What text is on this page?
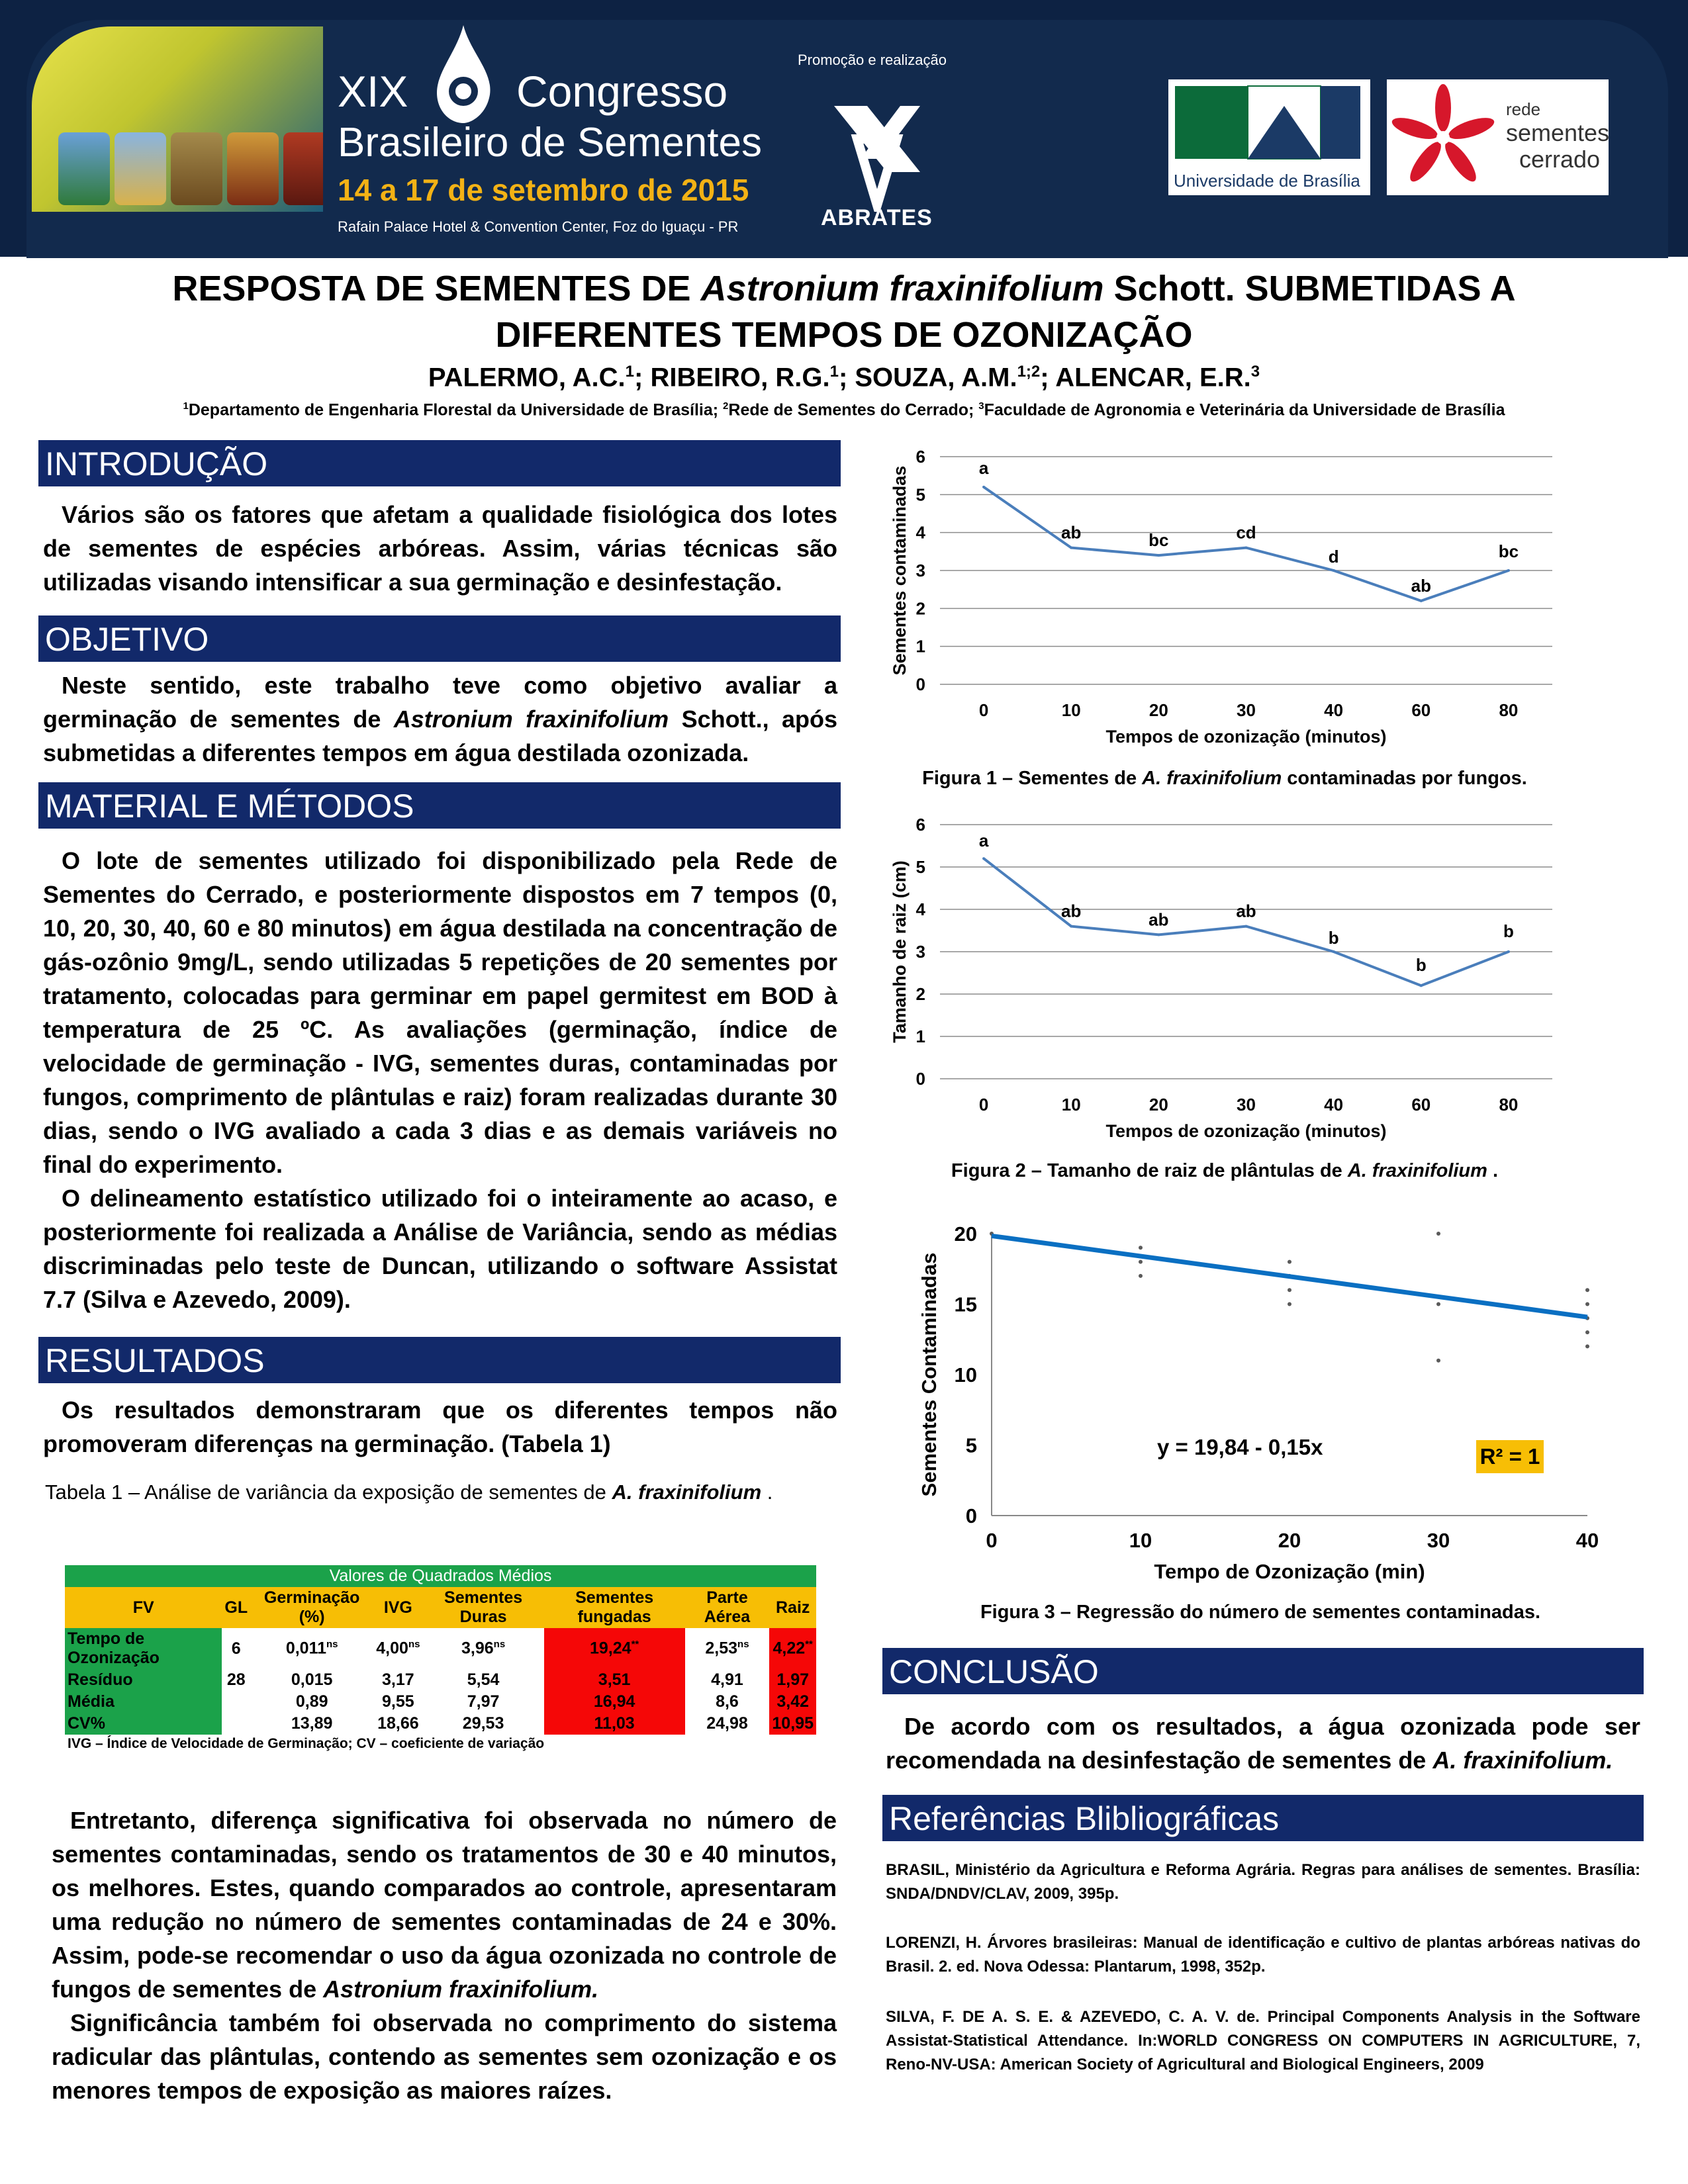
XIX Congresso
Brasileiro de Sementes
14 a 17 de setembro de 2015
Rafain Palace Hotel & Convention Center, Foz do Iguaçu - PR
Promoção e realização
ABRATES
Universidade de Brasília
rede
sementes
cerrado
RESPOSTA DE SEMENTES DE Astronium fraxinifolium Schott. SUBMETIDAS A
DIFERENTES TEMPOS DE OZONIZAÇÃO
PALERMO, A.C.$^1$; RIBEIRO, R.G.$^1$; SOUZA, A.M.$^{1;2}$; ALENCAR, E.R.$^3$
$^1$Departamento de Engenharia Florestal da Universidade de Brasília; $^2$Rede de Sementes do Cerrado; $^3$Faculdade de Agronomia e Veterinária da Universidade de Brasília
INTRODUÇÃO

Vários são os fatores que afetam a qualidade fisiológica dos lotes de sementes de espécies arbóreas. Assim, várias técnicas são utilizadas visando intensificar a sua germinação e desinfestação.

OBJETIVO

Neste sentido, este trabalho teve como objetivo avaliar a germinação de sementes de Astronium fraxinifolium Schott., após submetidas a diferentes tempos em água destilada ozonizada.

MATERIAL E MÉTODOS

O lote de sementes utilizado foi disponibilizado pela Rede de Sementes do Cerrado, e posteriormente dispostos em 7 tempos (0, 10, 20, 30, 40, 60 e 80 minutos) em água destilada na concentração de gás-ozônio 9mg/L, sendo utilizadas 5 repetições de 20 sementes por tratamento, colocadas para germinar em papel germitest em BOD à temperatura de 25 ºC. As avaliações (germinação, índice de velocidade de germinação - IVG, sementes duras, contaminadas por fungos, comprimento de plântulas e raiz) foram realizadas durante 30 dias, sendo o IVG avaliado a cada 3 dias e as demais variáveis no final do experimento.

O delineamento estatístico utilizado foi o inteiramente ao acaso, e posteriormente foi realizada a Análise de Variância, sendo as médias discriminadas pelo teste de Duncan, utilizando o software Assistat 7.7 (Silva e Azevedo, 2009).

RESULTADOS

Os resultados demonstraram que os diferentes tempos não promoveram diferenças na germinação. (Tabela 1)

Tabela 1 – Análise de variância da exposição de sementes de A. fraxinifolium .
Valores de Quadrados Médios							
FV	GL	Germinação (%)	IVG	Sementes Duras	Sementes fungadas	Parte Aérea	Raiz
Tempo de Ozonização	6	$0,011^{ns}$	$4,00^{ns}$	$3,96^{ns}$	19,24**	$2,53^{ns}$	4,22**
Resíduo	28	0,015	3,17	5,54	3,51	4,91	1,97
Média		0,89	9,55	7,97	16,94	8,6	3,42
CV%		13,89	18,66	29,53	11,03	24,98	10,95
IVG – Índice de Velocidade de Germinação; CV – coeficiente de variação							

Entretanto, diferença significativa foi observada no número de sementes contaminadas, sendo os tratamentos de 30 e 40 minutos, os melhores. Estes, quando comparados ao controle, apresentaram uma redução no número de sementes contaminadas de 24 e 30%. Assim, pode-se recomendar o uso da água ozonizada no controle de fungos de sementes de Astronium fraxinifolium.

Significância também foi observada no comprimento do sistema radicular das plântulas, contendo as sementes sem ozonização e os menores tempos de exposição as maiores raízes.

0
1
2
3
4
5
6
0	10	20	30	40	60	80
a
ab	bc	cd
d
ab
bc
Tempos de ozonização (minutos)
Sementes contaminadas
Figura 1 – Sementes de A. fraxinifolium contaminadas por fungos.
0
1
2
3
4
5
6
0	10	20	30	40	60	80
a
ab	ab	ab
b
b
b
Tempos de ozonização (minutos)
Tamanho de raiz (cm)
Figura 2 – Tamanho de raiz de plântulas de A. fraxinifolium .
0
5
10
15
20
0	10	20	30	40
y = 19,84 - 0,15x	R² = 1
Tempo de Ozonização (min)
Sementes Contaminadas
Figura 3 – Regressão do número de sementes contaminadas.
CONCLUSÃO

De acordo com os resultados, a água ozonizada pode ser recomendada na desinfestação de sementes de A. fraxinifolium.

Referências Blibliográficas
BRASIL, Ministério da Agricultura e Reforma Agrária. Regras para análises de sementes. Brasília: SNDA/DNDV/CLAV, 2009, 395p.
LORENZI, H. Árvores brasileiras: Manual de identificação e cultivo de plantas arbóreas nativas do Brasil. 2. ed. Nova Odessa: Plantarum, 1998, 352p.
SILVA, F. DE A. S. E. & AZEVEDO, C. A. V. de. Principal Components Analysis in the Software Assistat-Statistical Attendance. In:WORLD CONGRESS ON COMPUTERS IN AGRICULTURE, 7, Reno-NV-USA: American Society of Agricultural and Biological Engineers, 2009
